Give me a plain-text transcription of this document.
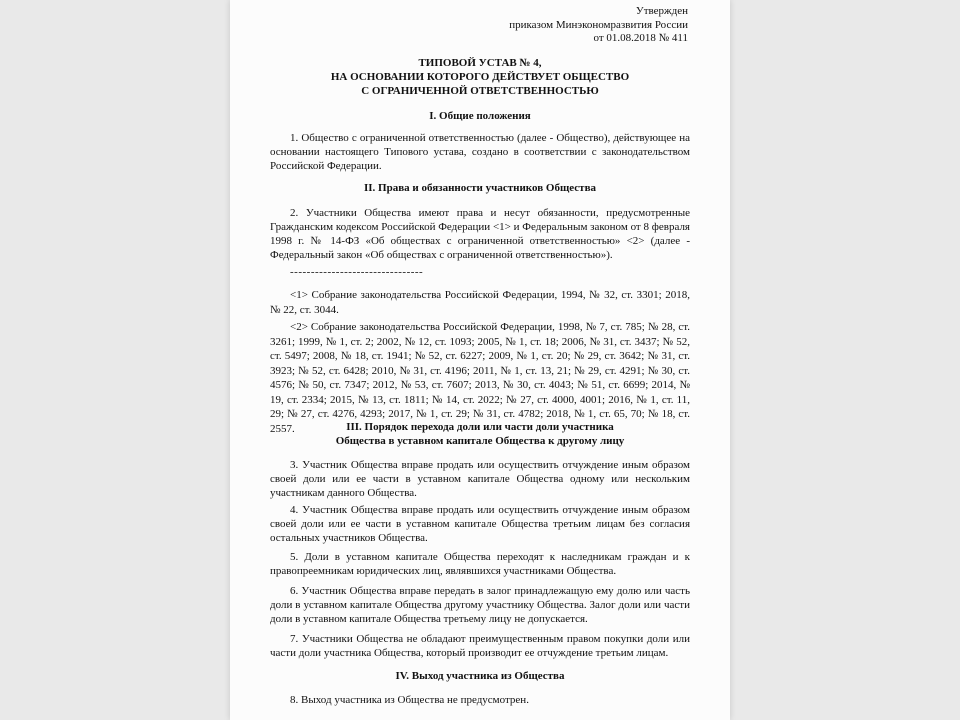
Утвержден
приказом Минэкономразвития России
от 01.08.2018 № 411
ТИПОВОЙ УСТАВ № 4,
НА ОСНОВАНИИ КОТОРОГО ДЕЙСТВУЕТ ОБЩЕСТВО
С ОГРАНИЧЕННОЙ ОТВЕТСТВЕННОСТЬЮ
I. Общие положения
1. Общество с ограниченной ответственностью (далее - Общество), действующее на основании настоящего Типового устава, создано в соответствии с законодательством Российской Федерации.
II. Права и обязанности участников Общества
2. Участники Общества имеют права и несут обязанности, предусмотренные Гражданским кодексом Российской Федерации <1> и Федеральным законом от 8 февраля 1998 г. № 14-ФЗ «Об обществах с ограниченной ответственностью» <2> (далее - Федеральный закон «Об обществах с ограниченной ответственностью»).
--------------------------------
<1> Собрание законодательства Российской Федерации, 1994, № 32, ст. 3301; 2018, № 22, ст. 3044.
<2> Собрание законодательства Российской Федерации, 1998, № 7, ст. 785; № 28, ст. 3261; 1999, № 1, ст. 2; 2002, № 12, ст. 1093; 2005, № 1, ст. 18; 2006, № 31, ст. 3437; № 52, ст. 5497; 2008, № 18, ст. 1941; № 52, ст. 6227; 2009, № 1, ст. 20; № 29, ст. 3642; № 31, ст. 3923; № 52, ст. 6428; 2010, № 31, ст. 4196; 2011, № 1, ст. 13, 21; № 29, ст. 4291; № 30, ст. 4576; № 50, ст. 7347; 2012, № 53, ст. 7607; 2013, № 30, ст. 4043; № 51, ст. 6699; 2014, № 19, ст. 2334; 2015, № 13, ст. 1811; № 14, ст. 2022; № 27, ст. 4000, 4001; 2016, № 1, ст. 11, 29; № 27, ст. 4276, 4293; 2017, № 1, ст. 29; № 31, ст. 4782; 2018, № 1, ст. 65, 70; № 18, ст. 2557.	III. Порядок перехода доли или части доли участника
Общества в уставном капитале Общества к другому лицу
3. Участник Общества вправе продать или осуществить отчуждение иным образом своей доли или ее части в уставном капитале Общества одному или нескольким участникам данного Общества.
4. Участник Общества вправе продать или осуществить отчуждение иным образом своей доли или ее части в уставном капитале Общества третьим лицам без согласия остальных участников Общества.
5. Доли в уставном капитале Общества переходят к наследникам граждан и к правопреемникам юридических лиц, являвшихся участниками Общества.
6. Участник Общества вправе передать в залог принадлежащую ему долю или часть доли в уставном капитале Общества другому участнику Общества. Залог доли или части доли в уставном капитале Общества третьему лицу не допускается.
7. Участники Общества не обладают преимущественным правом покупки доли или части доли участника Общества, который производит ее отчуждение третьим лицам.
IV. Выход участника из Общества
8. Выход участника из Общества не предусмотрен.
